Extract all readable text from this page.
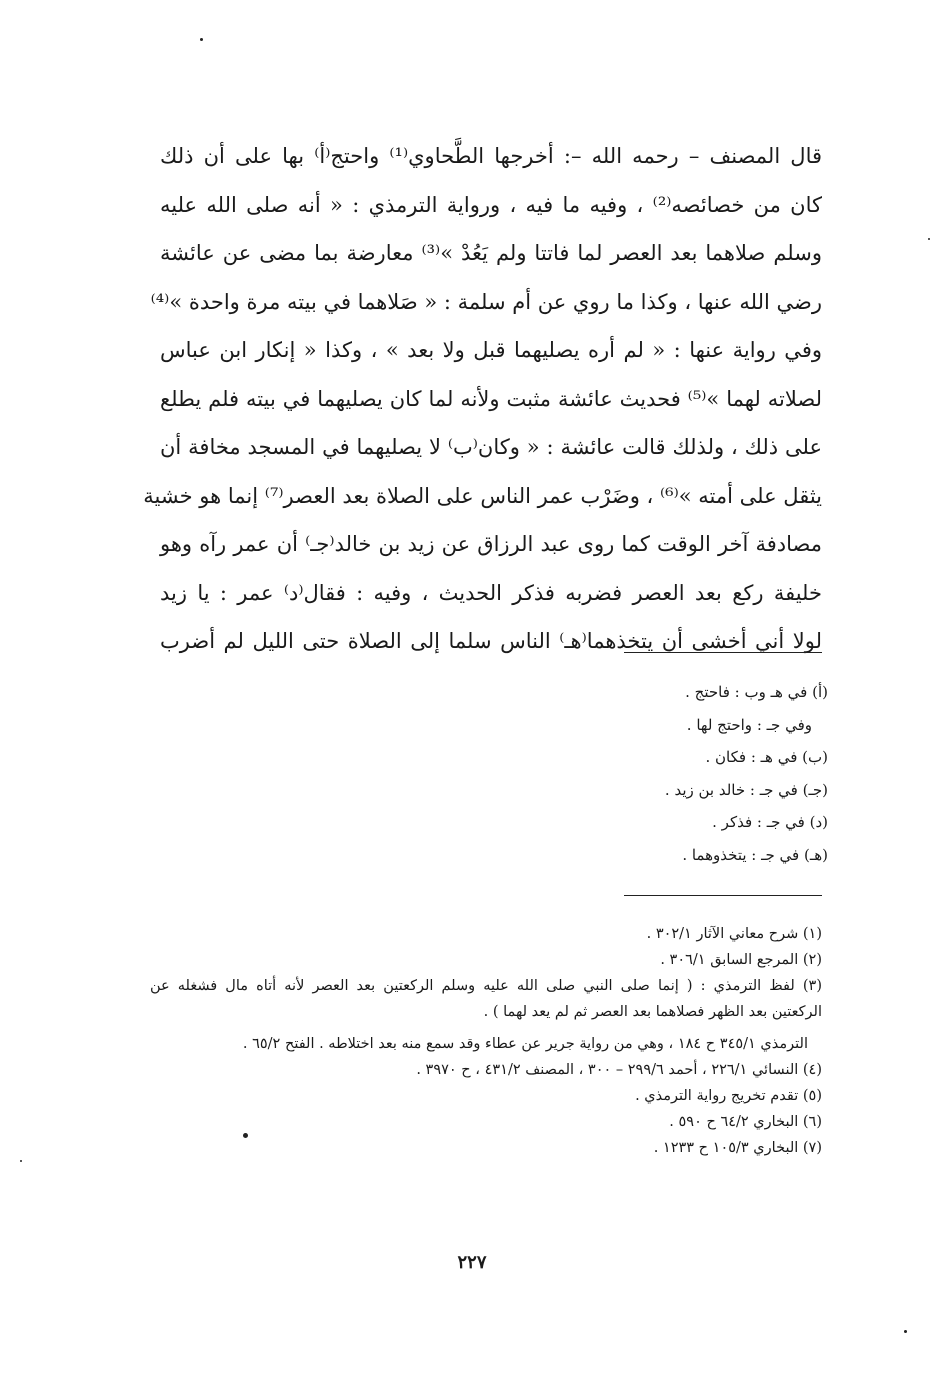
قال المصنف – رحمه الله –: أخرجها الطَّحاوي⁽¹⁾ واحتج⁽أ⁾ بها على أن ذلك
كان من خصائصه⁽²⁾ ، وفيه ما فيه ، ورواية الترمذي : « أنه صلى الله عليه
وسلم صلاهما بعد العصر لما فاتتا ولم يَعُدْ »⁽³⁾ معارضة بما مضى عن عائشة
رضي الله عنها ، وكذا ما روي عن أم سلمة : « صَلاهما في بيته مرة واحدة »⁽⁴⁾
وفي رواية عنها : « لم أره يصليهما قبل ولا بعد » ، وكذا « إنكار ابن عباس
لصلاته لهما »⁽⁵⁾ فحديث عائشة مثبت ولأنه لما كان يصليهما في بيته فلم يطلع
على ذلك ، ولذلك قالت عائشة : « وكان⁽ب⁾ لا يصليهما في المسجد مخافة أن
يثقل على أمته »⁽⁶⁾ ، وضَرْب عمر الناس على الصلاة بعد العصر⁽⁷⁾ إنما هو خشية
مصادفة آخر الوقت كما روى عبد الرزاق عن زيد بن خالد⁽جـ⁾ أن عمر رآه وهو
خليفة ركع بعد العصر فضربه فذكر الحديث ، وفيه : فقال⁽د⁾ عمر : يا زيد
لولا أني أخشى أن يتخذهما⁽هـ⁾ الناس سلما إلى الصلاة حتى الليل لم أضرب
(أ) في هـ وب : فاحتج .
وفي جـ : واحتج لها .
(ب) في هـ : فكان .
(جـ) في جـ : خالد بن زيد .
(د) في جـ : فذكر .
(هـ) في جـ : يتخذوهما .
(١) شرح معاني الآثار ٣٠٢/١ .
(٢) المرجع السابق ٣٠٦/١ .
(٣) لفظ الترمذي : ( إنما صلى النبي صلى الله عليه وسلم الركعتين بعد العصر لأنه أتاه مال فشغله عن
الركعتين بعد الظهر فصلاهما بعد العصر ثم لم يعد لهما ) .
الترمذي ٣٤٥/١ ح ١٨٤ ، وهي من رواية جرير عن عطاء وقد سمع منه بعد اختلاطه . الفتح ٦٥/٢ .
(٤) النسائي ٢٢٦/١ ، أحمد ٢٩٩/٦ – ٣٠٠ ، المصنف ٤٣١/٢ ، ح ٣٩٧٠ .
(٥) تقدم تخريج رواية الترمذي .
(٦) البخاري ٦٤/٢ ح ٥٩٠ .
(٧) البخاري ١٠٥/٣ ح ١٢٣٣ .
٢٢٧
